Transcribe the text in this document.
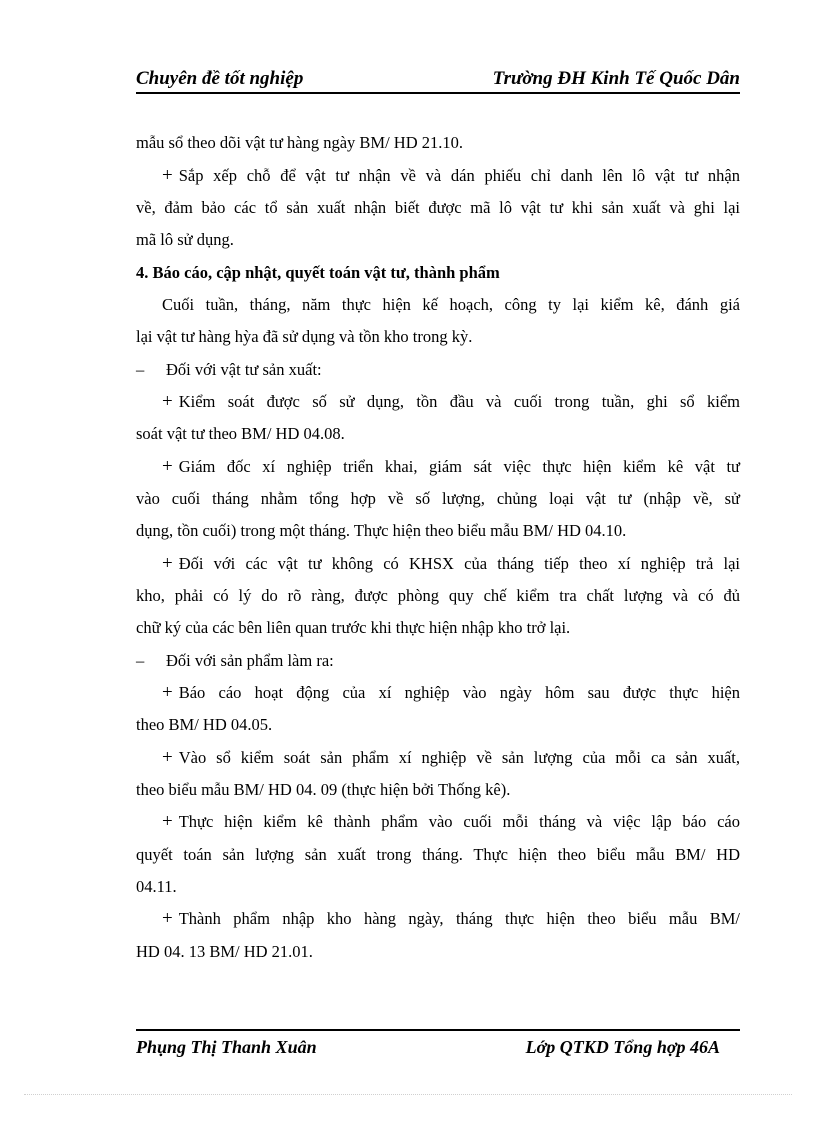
Chuyên đề tốt nghiệp	Trường ĐH Kinh Tế Quốc Dân
mẫu sổ theo dõi vật tư hàng ngày BM/ HD 21.10.
+ Sắp xếp chỗ để vật tư nhận về và dán phiếu chỉ danh lên lô vật tư nhận
về, đảm bảo các tổ sản xuất nhận biết được mã lô vật tư khi sản xuất và ghi lại
mã lô sử dụng.
4. Báo cáo, cập nhật, quyết toán vật tư, thành phẩm
Cuối tuần, tháng, năm thực hiện kế hoạch, công ty lại kiểm kê, đánh giá
lại vật tư hàng hỳa đã sử dụng và tồn kho trong kỳ.
– Đối với vật tư sản xuất:
+ Kiểm soát được số sử dụng, tồn đầu và cuối trong tuần, ghi sổ kiểm
soát vật tư theo BM/ HD 04.08.
+ Giám đốc xí nghiệp triển khai, giám sát việc thực hiện kiểm kê vật tư
vào cuối tháng nhằm tổng hợp về số lượng, chủng loại vật tư (nhập về, sử
dụng, tồn cuối) trong một tháng. Thực hiện theo biểu mẫu BM/ HD 04.10.
+ Đối với các vật tư không có KHSX của tháng tiếp theo xí nghiệp trả lại
kho, phải có lý do rõ ràng, được phòng quy chế kiểm tra chất lượng và có đủ
chữ ký của các bên liên quan trước khi thực hiện nhập kho trở lại.
– Đối với sản phẩm làm ra:
+ Báo cáo hoạt động của xí nghiệp vào ngày hôm sau được thực hiện
theo BM/ HD 04.05.
+ Vào sổ kiểm soát sản phẩm xí nghiệp về sản lượng của mỗi ca sản xuất,
theo biểu mẫu BM/ HD 04. 09 (thực hiện bởi Thống kê).
+ Thực hiện kiểm kê thành phẩm vào cuối mỗi tháng và việc lập báo cáo
quyết toán sản lượng sản xuất trong tháng. Thực hiện theo biểu mẫu BM/ HD
04.11.
+ Thành phẩm nhập kho hàng ngày, tháng thực hiện theo biểu mẫu BM/
HD 04. 13 BM/ HD 21.01.
Phụng Thị Thanh Xuân	Lớp QTKD Tổng hợp 46A
